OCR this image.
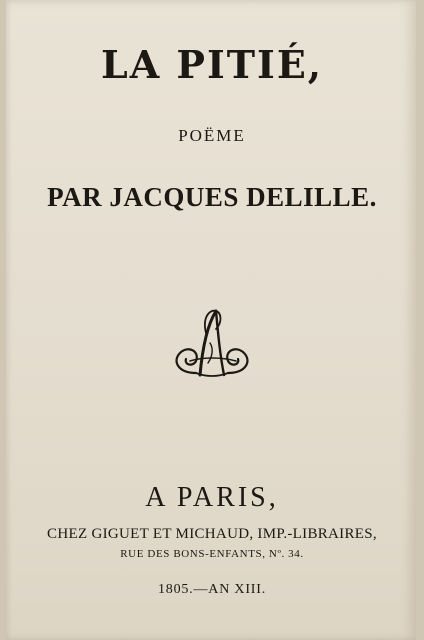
LA PITIÉ,
POËME
PAR JACQUES DELILLE.
A PARIS,
CHEZ GIGUET ET MICHAUD, IMP.-LIBRAIRES,
RUE DES BONS-ENFANTS, Nº. 34.
1805.—AN XIII.
